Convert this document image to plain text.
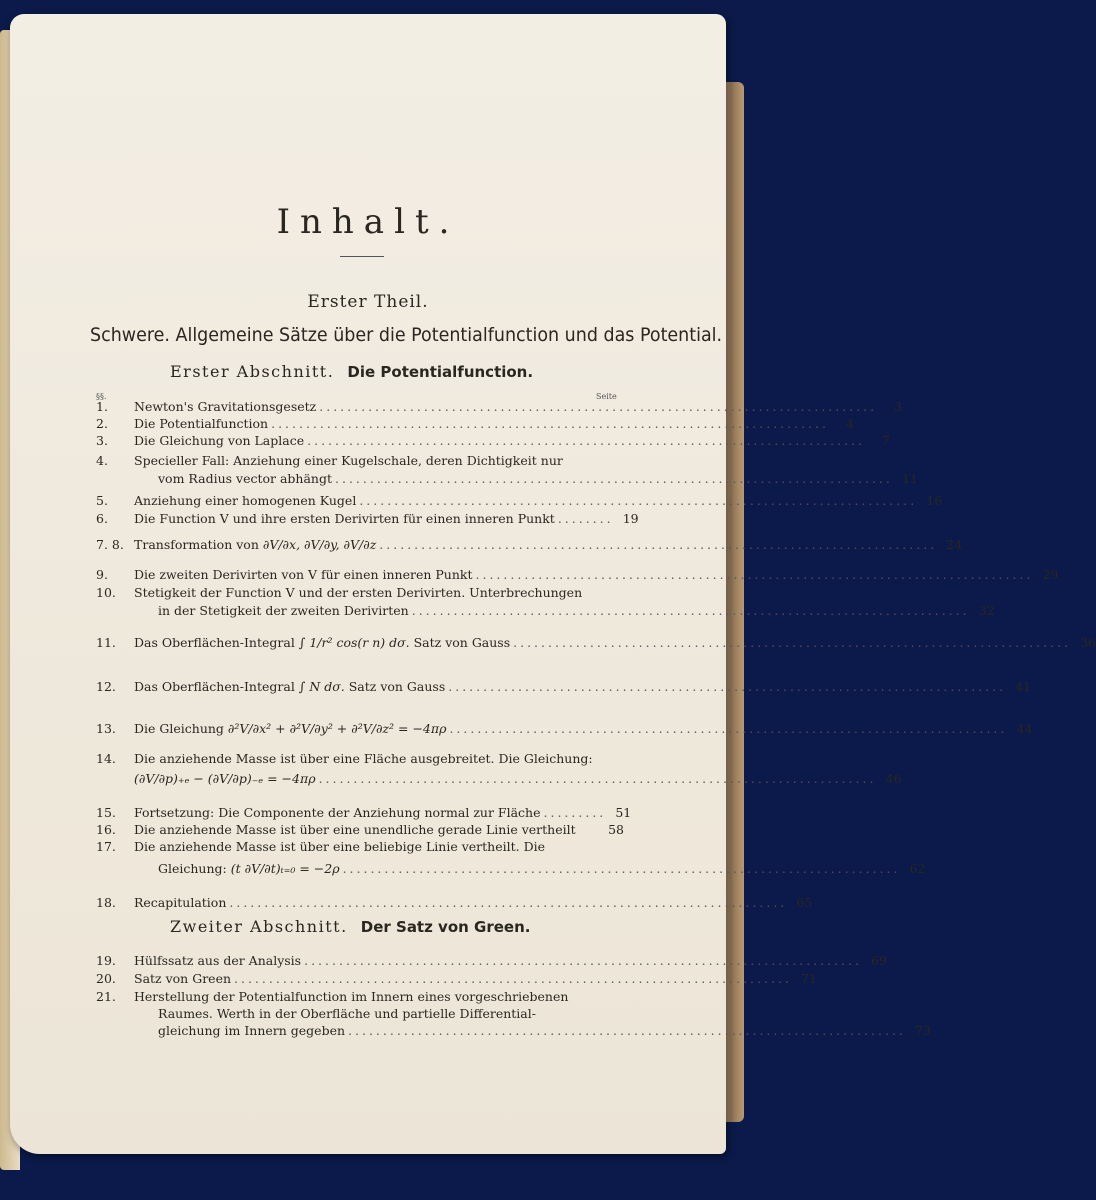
Inhalt.
Erster Theil.
Schwere. Allgemeine Sätze über die Potentialfunction und das Potential.
Erster Abschnitt. Die Potentialfunction.
§§.	Seite
1.	Newton's Gravitationsgesetz ................................................................................	3
2.	Die Potentialfunction ................................................................................	4
3.	Die Gleichung von Laplace ................................................................................	7
4.	Specieller Fall: Anziehung einer Kugelschale, deren Dichtigkeit nur
vom Radius vector abhängt ................................................................................ 11
5.	Anziehung einer homogenen Kugel ................................................................................ 16
6.	Die Function V und ihre ersten Derivirten für einen inneren Punkt ........ 19
7. 8. Transformation von
∂V/∂x, ∂V/∂y, ∂V/∂z ................................................................................ 24
9.	Die zweiten Derivirten von V für einen inneren Punkt ................................................................................ 29
10.	Stetigkeit der Function V und der ersten Derivirten. Unterbrechungen
in der Stetigkeit der zweiten Derivirten ................................................................................ 32
11.	Das Oberflächen-Integral
∫ 1/r² cos(r n) dσ.
Satz von Gauss ................................................................................ 36
12.	Das Oberflächen-Integral
∫ N dσ.
Satz von Gauss ................................................................................ 41
13.	Die Gleichung
∂²V/∂x² + ∂²V/∂y² + ∂²V/∂z² = −4πρ ................................................................................ 44
14.	Die anziehende Masse ist über eine Fläche ausgebreitet. Die Gleichung:
(∂V/∂p)₊ₑ − (∂V/∂p)₋ₑ = −4πρ ................................................................................ 46
15.	Fortsetzung: Die Componente der Anziehung normal zur Fläche ......... 51
16.	Die anziehende Masse ist über eine unendliche gerade Linie vertheilt	58
17.	Die anziehende Masse ist über eine beliebige Linie vertheilt. Die
Gleichung:
(t ∂V/∂t)ₜ₌₀ = −2ρ ................................................................................ 62
18.	Recapitulation ................................................................................ 65
Zweiter Abschnitt. Der Satz von Green.
19.	Hülfssatz aus der Analysis ................................................................................ 69
20.	Satz von Green ................................................................................ 71
21.	Herstellung der Potentialfunction im Innern eines vorgeschriebenen
Raumes. Werth in der Oberfläche und partielle Differential-
gleichung im Innern gegeben ................................................................................ 73
